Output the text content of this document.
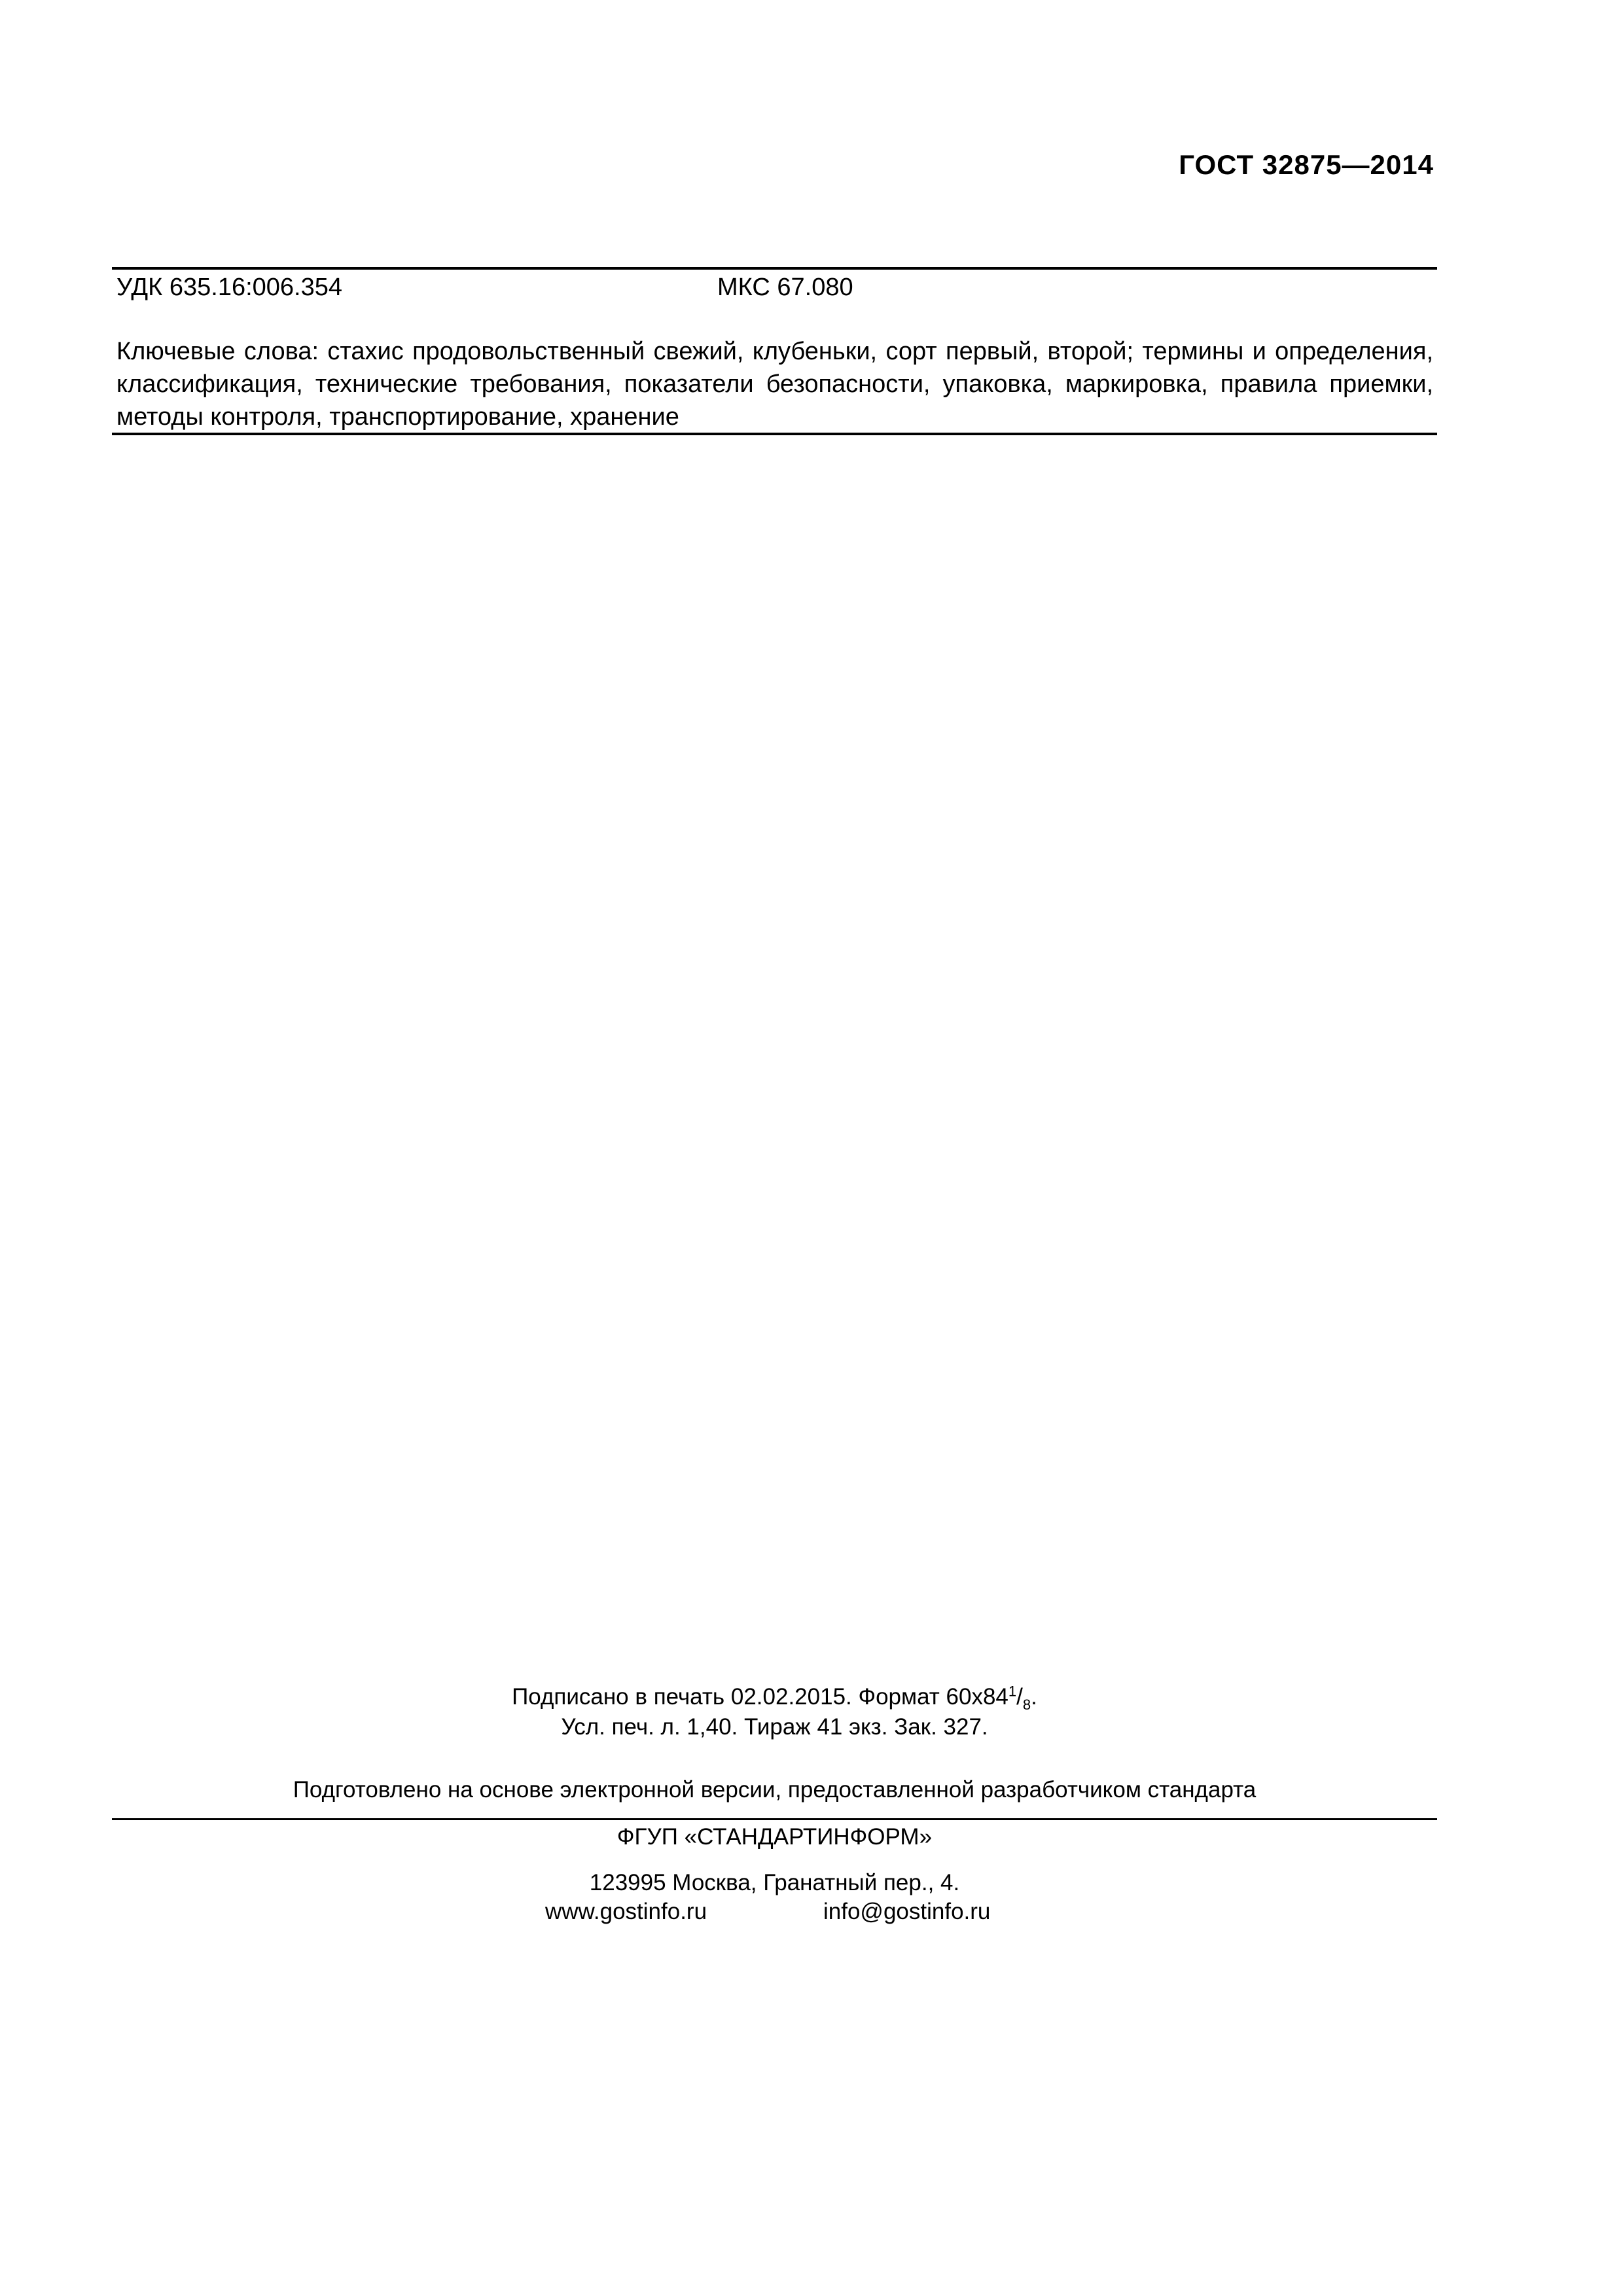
ГОСТ 32875—2014
УДК 635.16:006.354	МКС 67.080
Ключевые слова: стахис продовольственный свежий, клубеньки, сорт первый, второй; термины и определения, классификация, технические требования, показатели безопасности, упаковка, маркировка, правила приемки, методы контроля, транспортирование, хранение
Подписано в печать 02.02.2015. Формат $60х84^1/_8$.
Усл. печ. л. 1,40. Тираж 41 экз. Зак. 327.
Подготовлено на основе электронной версии, предоставленной разработчиком стандарта
ФГУП «СТАНДАРТИНФОРМ»
123995 Москва, Гранатный пер., 4.
www.gostinfo.ru	info@gostinfo.ru
